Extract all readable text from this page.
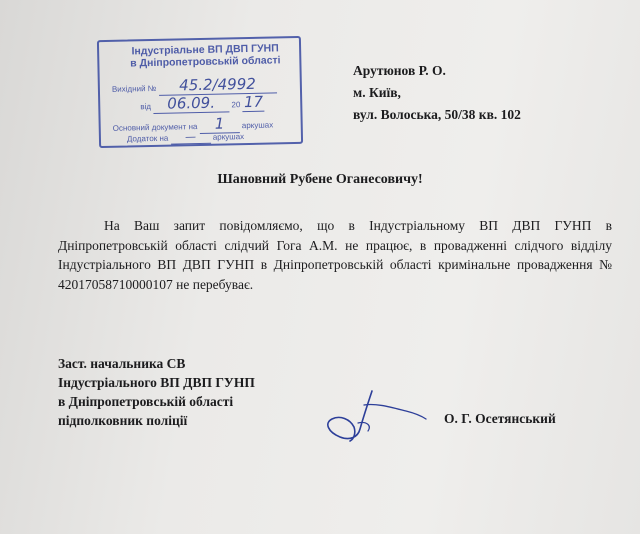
Індустріальне ВП ДВП ГУНП
в Дніпропетровській області
Вихідний № 45.2/4992
від 06.09. 20 17
Основний документ на 1 аркушах
Додаток на — аркушах
Арутюнов Р. О.
м. Київ,
вул. Волоська, 50/38 кв. 102
Шановний Рубене Оганесовичу!

На Ваш запит повідомляємо, що в Індустріальному ВП ДВП ГУНП в Дніпропетровській області слідчий Гога А.М. не працює, в провадженні слідчого відділу Індустріального ВП ДВП ГУНП в Дніпропетровській області кримінальне провадження № 42017058710000107 не перебуває.

Заст. начальника СВ
Індустріального ВП ДВП ГУНП
в Дніпропетровській області
підполковник поліції	О. Г. Осетянський
